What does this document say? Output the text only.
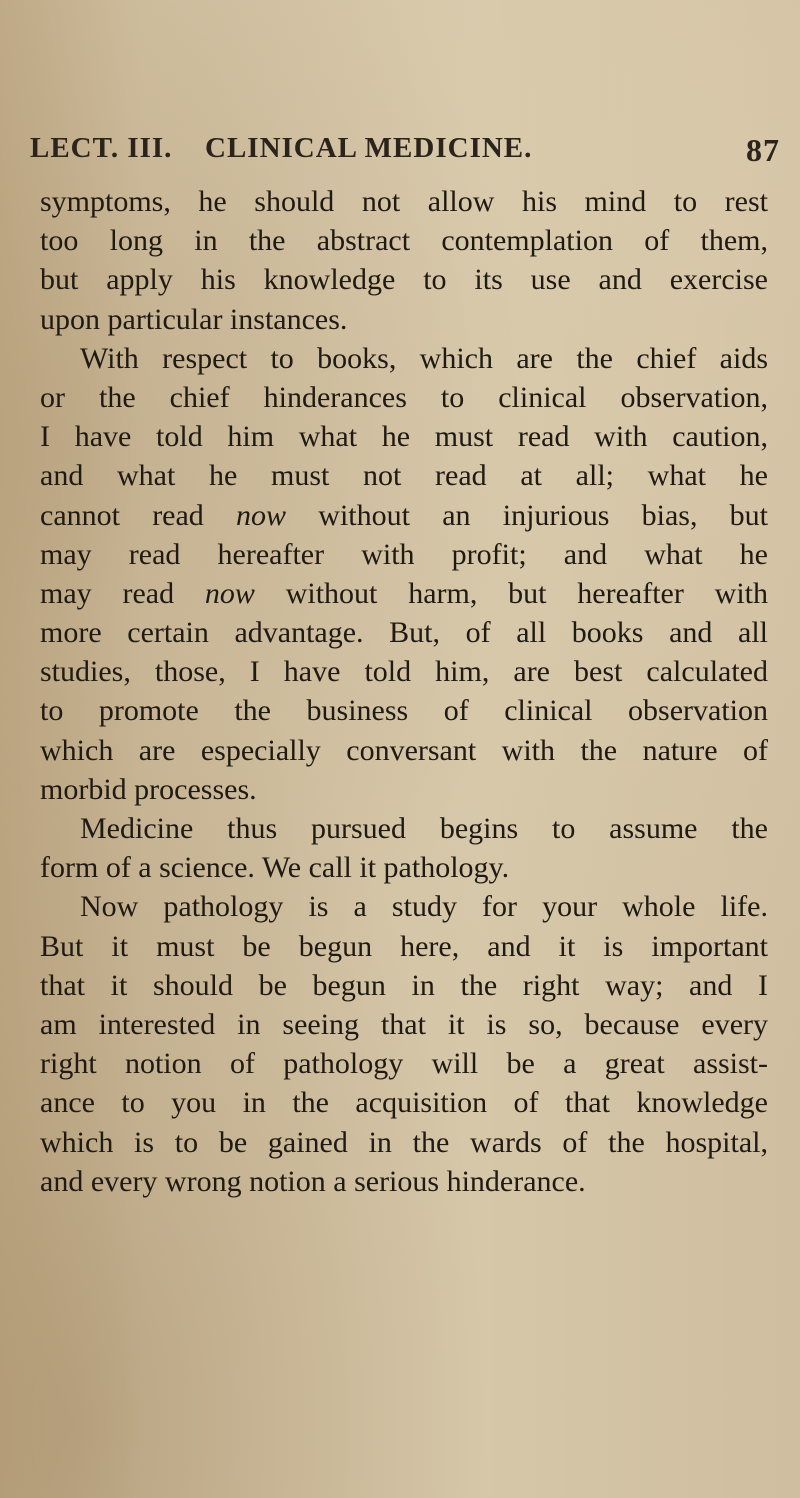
LECT. III. CLINICAL MEDICINE.	87
symptoms, he should not allow his mind to rest
too long in the abstract contemplation of them,
but apply his knowledge to its use and exercise
upon particular instances.
With respect to books, which are the chief aids
or the chief hinderances to clinical observation,
I have told him what he must read with caution,
and what he must not read at all; what he
cannot read now without an injurious bias, but
may read hereafter with profit; and what he
may read now without harm, but hereafter with
more certain advantage. But, of all books and all
studies, those, I have told him, are best calculated
to promote the business of clinical observation
which are especially conversant with the nature of
morbid processes.
Medicine thus pursued begins to assume the
form of a science. We call it pathology.
Now pathology is a study for your whole life.
But it must be begun here, and it is important
that it should be begun in the right way; and I
am interested in seeing that it is so, because every
right notion of pathology will be a great assist-
ance to you in the acquisition of that knowledge
which is to be gained in the wards of the hospital,
and every wrong notion a serious hinderance.
